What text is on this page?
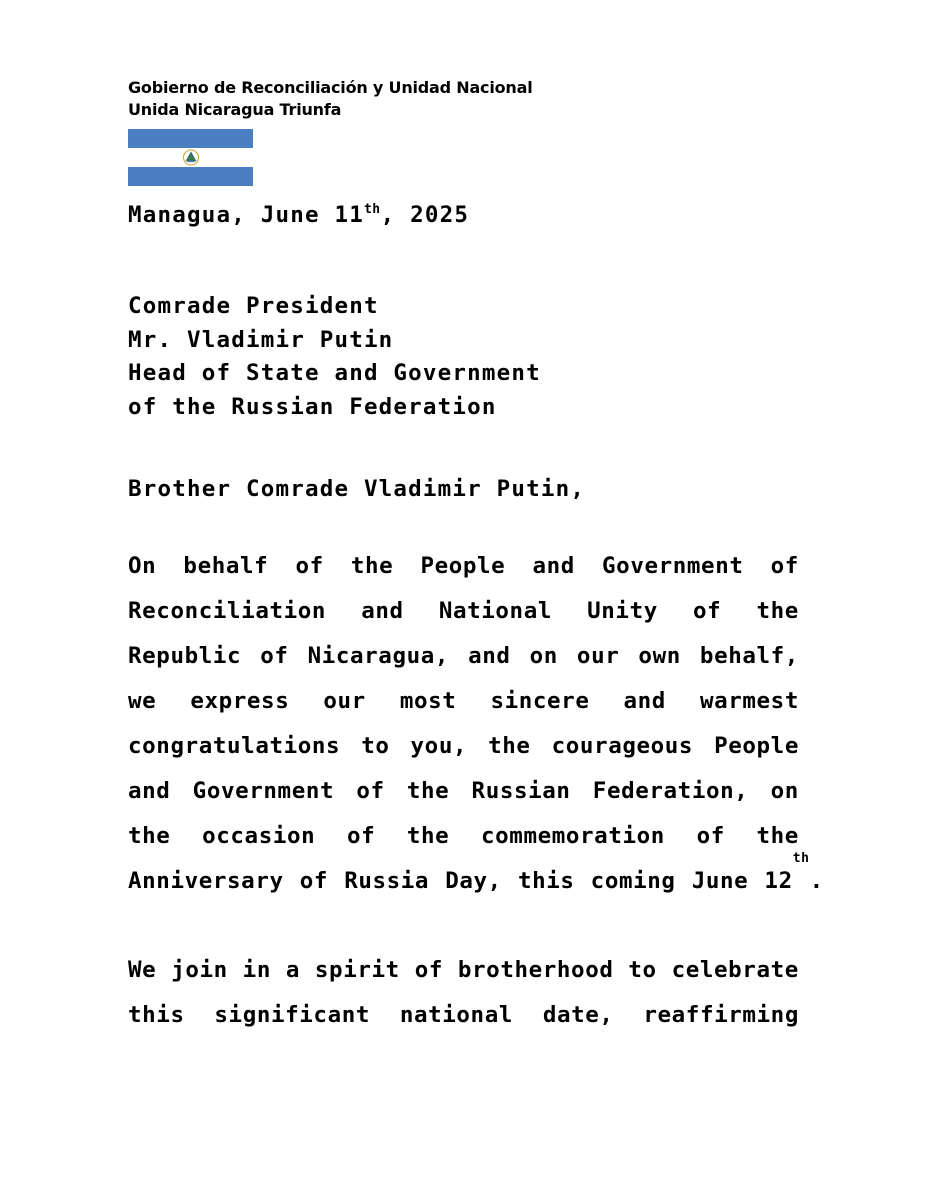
Gobierno de Reconciliación y Unidad Nacional
Unida Nicaragua Triunfa
Managua, June 11th, 2025
Comrade President
Mr. Vladimir Putin
Head of State and Government
of the Russian Federation
Brother Comrade Vladimir Putin,
On behalf of the People and Government of
Reconciliation and National Unity of the
Republic of Nicaragua, and on our own behalf,
we express our most sincere and warmest
congratulations to you, the courageous People
and Government of the Russian Federation, on
the occasion of the commemoration of the
Anniversary of Russia Day, this coming June 12
th
.
We join in a spirit of brotherhood to celebrate
this significant national date, reaffirming
